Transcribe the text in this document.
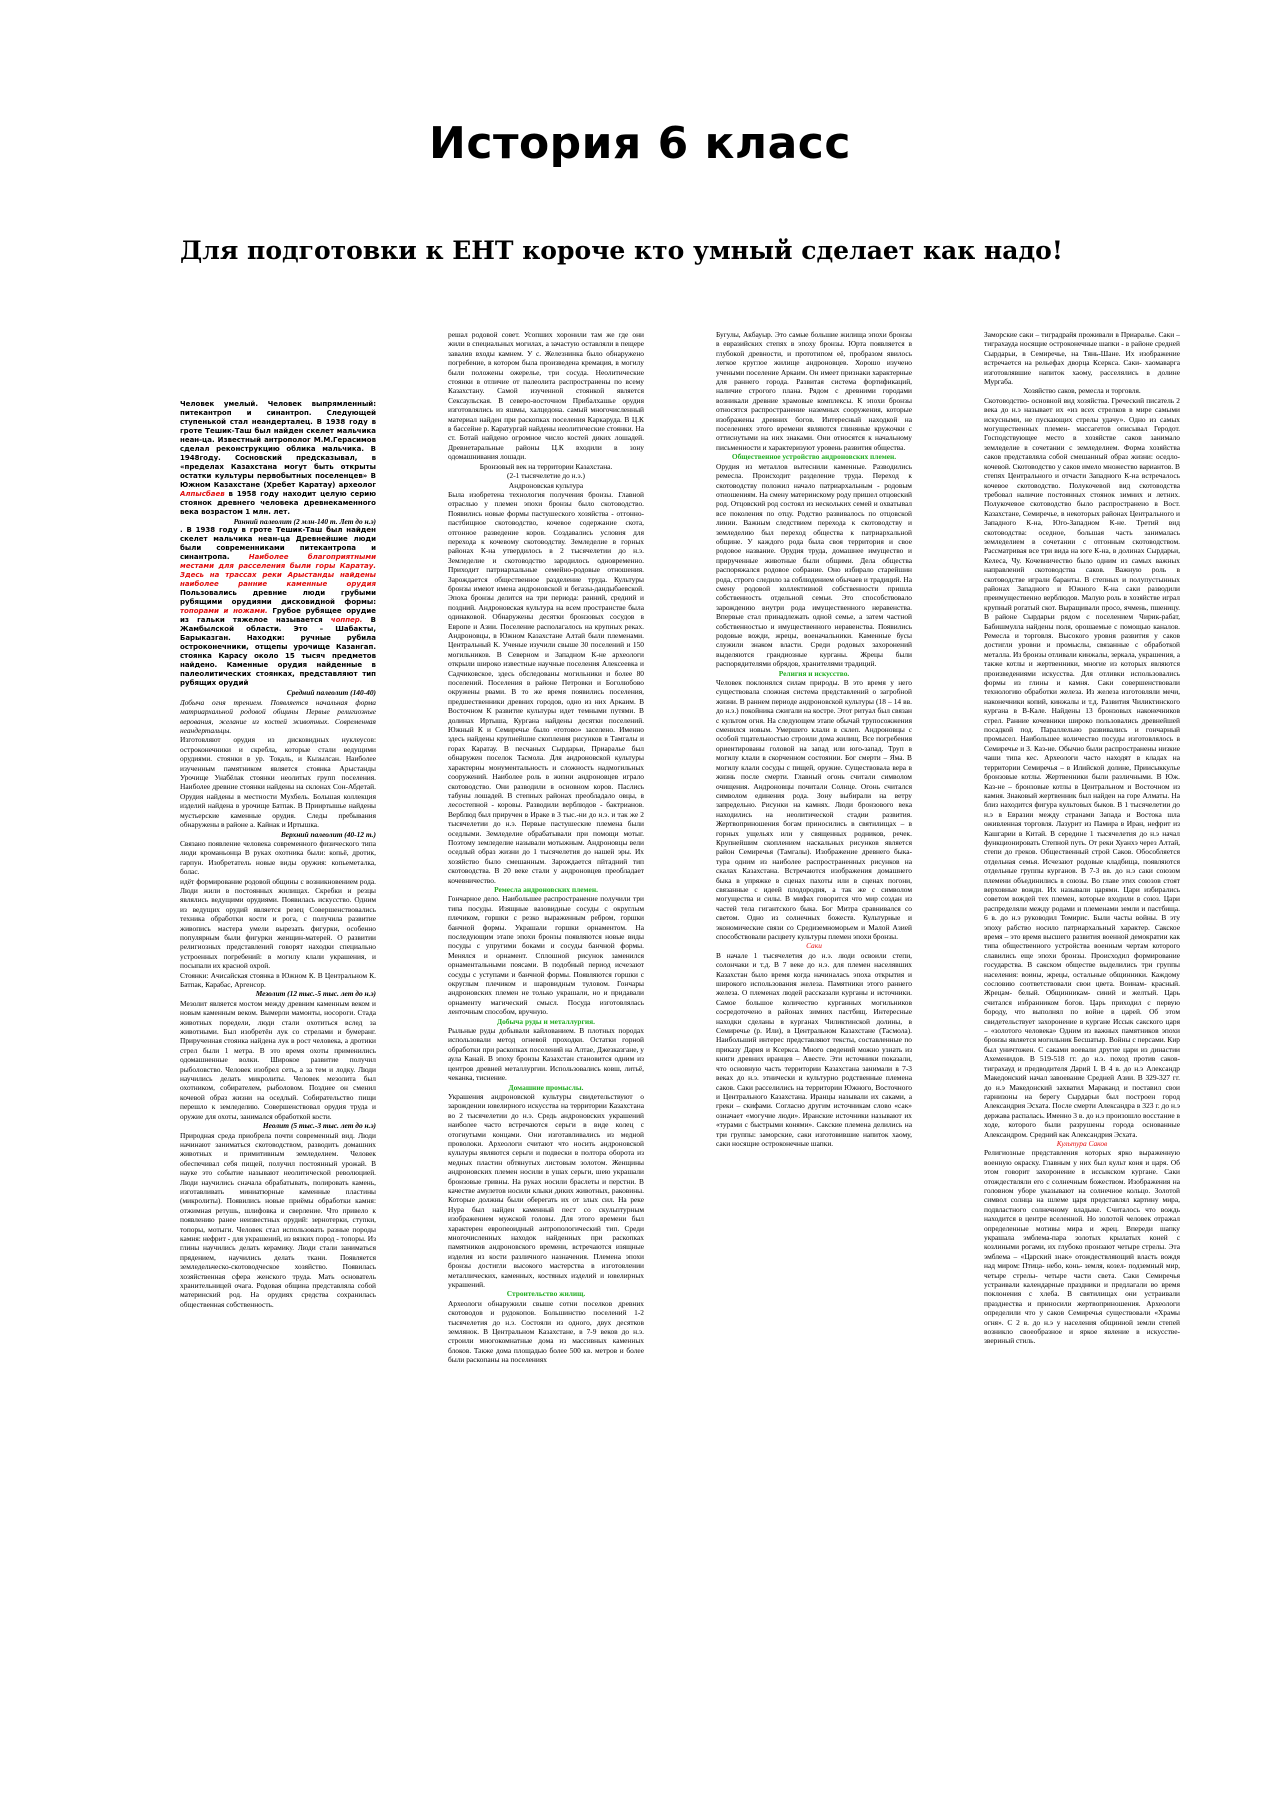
История 6 класс
Для подготовки к ЕНТ короче кто умный сделает как надо!

Человек умелый. Человек выпрямленный: питекантроп и синантроп. Следующей ступенькой стал неандерталец. В 1938 году в гроте Тешик-Таш был найден скелет мальчика неан-ца. Известный антрополог М.М.Герасимов сделал реконструкцию облика мальчика. В 1948году. Сосновский предсказывал, в «пределах Казахстана могут быть открыты остатки культуры первобытных поселенцев» В Южном Казахстане (Хребет Каратау) археолог Алпысбаев в 1958 году находит целую серию стоянок древнего человека древнекаменного века возрастом 1 млн. лет.

Ранний палеолит (2 млн-140 т. Лет до н.э)

. В 1938 году в гроте Тешик-Таш был найден скелет мальчика неан-ца Древнейшие люди были современниками питекантропа и синантропа.	Наиболее благоприятными местами для расселения были горы Каратау. Здесь на трассах реки Арыстанды найдены наиболее ранние каменные орудия Пользовались древние люди грубыми рубящими орудиями дисковидной формы: топорами и ножами. Грубое рубящее орудие из гальки тяжелое называется чоппер. В Жамбылской области. Это – Шабакты, Барыказган. Находки: ручные рубила остроконечники, отщепы урочище Казангап. стоянка Карасу около 15 тысяч предметов найдено. Каменные орудия найденные в палеолитических стоянках, представляют тип рубящих орудий

Средний палеолит (140-40)

Добыча огня трением. Появляется начальная форма матриархальной родовой общины Первые религиозные верования, желание из костей животных. Современная неандертальцы.

Изготовляют орудия из дисковидных нуклеусов: остроконечники и скребла, которые стали ведущими орудиями. стоянки в ур. Тоқаль, и Кызылсан. Наиболее изученным памятником является стоянка Арыстанды Урочище Унабёлак стоянки неолитых групп поселения. Наиболее древние стоянки найдены на склонах Сон-Абдетай. Орудия найдены в местности Мухбель. Большая коллекция изделий найдена в урочище Батпак. В Прииртышье найдены мустьерские каменные орудия. Следы пребывания обнаружены в районе а. Кайнак и Иртышка.

Верхний палеолит (40-12 т.)

Связано появление человека современного физического типа люди кроманьонца В руках охотника были: копьё, дротик, гарпун. Изобретатель новые виды оружия: копьеметалка, болас.

идёт формирование родовой общины с возникновением рода. Люди жили в постоянных жилищах. Скребки и резцы являлись ведущими орудиями. Появилась искусство. Одним из ведущих орудий является резец Совершенствовались техника обработки кости и рога, с получила развитие живопись мастера умели вырезать фигурки, особенно популярным были фигурки женщин-матерей. О развитии религиозных представлений говорят находки специально устроенных погребений: в могилу клали украшения, и посыпали их красной охрой.

Стоянки: Ачисайская стоянка в Южном К. В Центральном К. Батпак, Карабас, Аргенсор.

Мезолит (12 тыс.-5 тыс. лет до н.э)

Мезолит является мостом между древним каменным веком и новым каменным веком. Вымерли мамонты, носороги. Стада животных поредели, люди стали охотиться вслед за животными. Был изобретён лук со стрелами и бумеранг. Прирученная стоянка найдена лук в рост человека, а дротики стрел были 1 метра. В это время охоты применились одомашненные волки. Широкое развитие получил рыболовство. Человек изобрел сеть, а за тем и лодку. Люди научились делать микролиты. Человек мезолита был охотником, собирателем, рыболовом. Позднее он сменил кочевой образ жизни на оседлый. Собирательство пищи перешло к земледелию. Совершенствовал орудия труда и оружие для охоты, занимался обработкой кости.

Неолит (5 тыс.-3 тыс. лет до н.э)

Природная среда приобрела почти современный вид. Люди начинают заниматься скотоводством, разводить домашних животных и примитивным земледелием. Человек обеспечивал себя пищей, получил постоянный урожай. В науке это событие называют неолитической революцией. Люди научились сначала обрабатывать, полировать камень, изготавливать миниатюрные каменные пластины (микролиты). Появились новые приёмы обработки камня: отжимная ретушь, шлифовка и сверление. Что привело к появлению ранее неизвестных орудий: зернотерки, ступки, топоры, мотыги. Человек стал использовать разные породы камня: нефрит - для украшений, из вязких пород - топоры. Из глины научились делать керамику. Люди стали заниматься прядением, научились делать ткани. Появляется земледельческо-скотоводческое хозяйство. Появилась хозяйственная сфера женского труда. Мать основатель хранительницей очага. Родовая община представляла собой материнский род. На орудиях средства сохранилась общественная собственность.

решал родовой совет. Усопших хоронили там же где они жили в специальных могилах, а зачастую оставляли в пещере завалив входы камнем. У с. Железнинка было обнаружено погребение, в котором была произведена кремация, в могилу были положены ожерелье, три сосуда. Неолитические стоянки в отличие от палеолита распространены по всему Казахстану. Самой изученной стоянкой является Сексаульская. В северо-восточном Прибалхашье орудия изготовлялись из яшмы, халцедона. самый многочисленный материал найден при раскопках поселения Каркаруда. В Ц.К в бассейне р. Каратургай найдены неолитические стоянки. На ст. Ботай найдено огромное число костей диких лошадей. Древнетаральные районы Ц.К входили в зону одомашнивания лошади.

Бронзовый век на территории Казахстана.

(2-1 тысячелетие до н.э.)

Андроновская культура

Была изобретена технология получения бронзы. Главной отраслью у племен эпохи бронзы было скотоводство. Появились новые формы пастушеского хозяйства - отгонно-пастбищное скотоводство, кочевое содержание скота, отгонное разведение коров. Создавались условия для перехода к кочевому скотоводству. Земледелие в горных районах К-на утвердилось в 2 тысячелетии до н.э. Земледелие и скотоводство зародилось одновременно. Приходит патриархальные семейно-родовые отношения. Зарождается общественное разделение труда. Культуры бронзы имеют имена андроновской и бегазы-дандыбаевской. Эпоха бронзы делится на три периода: ранний, средний и поздний. Андроновская культура на всем пространстве была одинаковой. Обнаружены десятки бронзовых сосудов в Европе и Азии. Поселение располагалось на крупных реках. Андроновцы, в Южном Казахстане Алтай были племенами. Центральный К. Ученые изучили свыше 30 поселений и 150 могильников. В Северном и Западном К-не археологи открыли широко известные научные поселения Алексеевка и Садчиковское, здесь обследованы могильники и более 80 поселений. Поселения в районе Петровки и Боголюбово окружены рвами. В то же время появились поселения, предшественники древних городов, одно из них Аркаим. В Восточном К развитие культуры идет темными путями. В долинах Иртыша, Кургана найдены десятки поселений. Южный К и Семиречье было «готово» заселено. Именно здесь найдены крупнейшие скопления рисунков в Тамгалы и горах Каратау. В песчаных Сырдарьи, Приаралье был обнаружен поселок Тасмола. Для андроновской культуры характерны монументальность и сложность надмогильных сооружений. Наиболее роль в жизни андроновцев играло скотоводство. Они разводили в основном коров. Паслись табуны лошадей. В степных районах преобладало овцы, в лесостепной - коровы. Разводили верблюдов - бактрианов. Верблюд был приручен в Ираке в 3 тыс.-ни до н.э. и так же 2 тысячелетии до н.э. Первые пастушеские племена были оседлыми. Земледелие обрабатывали при помощи мотыг. Поэтому земледелие называли мотыжным. Андроновцы вели оседлый образ жизни до 1 тысячелетия до нашей эры. Их хозяйство было смешанным. Зарождается пйтадний тип скотоводства. В 20 веке стали у андроновцев преобладает кочевничество.

Ремесла андроновских племен.

Гончарное дело. Наибольшее распространение получили три типа посуды. Изящные вазовидные сосуды с округлым плечиком, горшки с резко выраженным ребром, горшки банчной формы. Украшали горшки орнаментом. На последующим этапе эпохи бронзы появляются новые виды посуды с упругими боками и сосуды банчной формы. Менялся и орнамент. Сплошной рисунок заменился орнаментальными поясами. В подобный период исчезают сосуды с уступами и банчной формы. Появляются горшки с округлым плечиком и шаровидным туловом. Гончары андроновских племен не только украшали, но и придавали орнаменту магический смысл. Посуда изготовлялась ленточным способом, вручную.

Добыча руды и металлургия.

Рыльные руды добывали кайлованием. В плотных породах использовали метод огневой проходки. Остатки горной обработки при раскопках поселений на Алтае, Джезказгане, у аула Канай. В эпоху бронзы Казахстан становится одним из центров древней металлургии. Использовались ковш, литьё, чеканка, тиснение.

Домашние промыслы.

Украшения андроновской культуры свидетельствуют о зарождении ювелирного искусства на территории Казахстана во 2 тысячелетии до н.э. Средь андроновских украшений наиболее часто встречаются серьги в виде колец с отогнутыми концами. Они изготавливались из медной проволоки. Археологи считают что носить андроновской культуры являются серьги и подвески в полтора оборота из медных пластин обтянутых листовым золотом. Женщины андроновских племен носили в ушах серьги, шею украшали бронзовые гривны. На руках носили браслеты и перстни. В качестве амулетов носили клыки диких животных, раковины. Которые должны были оберегать их от злых сил. На реке Нура был найден каменный пест со скульптурным изображением мужской головы. Для этого времени был характерен европеоидный антропологический тип. Среди многочисленных находок найденных при раскопках памятников андроновского времени, встречаются изящные изделия из кости различного назначения. Племена эпохи бронзы достигли высокого мастерства в изготовлении металлических, каменных, костяных изделий и ювелирных украшений.

Строительство жилищ.

Археологи обнаружили свыше сотни поселков древних скотоводов и рудокопов. Большинство поселений 1-2 тысячелетия до н.э. Состояли из одного, двух десятков землянок. В Центральном Казахстане, в 7-9 веков до н.э. строили многокомнатные дома из массивных каменных блоков. Также дома площадью более 500 кв. метров и более были раскопаны на поселениях

Бугулы, Акбауыр. Это самые большие жилища эпохи бронзы в евразийских степях в эпоху бронзы. Юрта появляется в глубокой древности, и прототипом её, пробразом явилось легкое круглое жилище андроновцев. Хорошо изучено учеными поселение Аркаим. Он имеет признаки характерные для раннего города. Развитая система фортификаций, наличие строгого плана. Рядом с древними городами возникали древние храмовые комплексы. К эпохи бронзы относятся распространение наземных сооружения, которые изображены древних богов. Интересный находкой на поселениях этого времени являются глиняные кружочки с оттиснутыми на них знаками. Они относятся к начальному письменности и характеризуют уровень развития общества.

Общественное устройство андроновских племен.

Орудия из металлов вытеснили каменные. Разводились ремесла. Происходит разделение труда. Переход к скотоводству положил начало патриархальным - родовым отношениям. На смену материнскому роду пришел отцовский род. Отцовский род состоял из нескольких семей и охватывал все поколения по отцу. Родство развивалось по отцовской линии. Важным следствием перехода к скотоводству и земледелию был переход общества к патриархальной общине. У каждого рода была своя территория и свое родовое название. Орудия труда, домашнее имущество и прирученные животные были общими. Дела общества распоряжался родовое собрание. Оно избирало старейшин рода, строго следило за соблюдением обычаев и традиций. На смену родовой коллективной собственности пришла собственность отдельной семьи. Это способствовало зарождению внутри рода имущественного неравенства. Впервые стал принадлежать одной семье, а затем частной собственностью и имущественного неравенства. Появились родовые вожди, жрецы, военачальники. Каменные бусы служили знаком власти. Среди родовых захоронений выделяются грандиозные курганы. Жрецы были распорядителями обрядов, хранителями традиций.

Религия и искусство.

Человек поклонялся силам природы. В это время у него существовала сложная система представлений о загробной жизни. В раннем периоде андроновской культуры (18 – 14 вв. до н.э.) покойника сжигали на костре. Этот ритуал был связан с культом огня. На следующем этапе обычай трупосожжения сменился новым. Умершего клали в склеп. Андроновцы с особой тщательностью строили дома жилищ. Все погребения ориентированы головой на запад или юго-запад. Труп в могилу клали в скорченном состоянии. Бог смерти – Яма. В могилу клали сосуды с пищей, оружие. Существовала вера в жизнь после смерти. Главный огонь считали символом очищения. Андроновцы почитали Солнце. Огонь считался символом единения рода. Зону выбирали на ветру запредельно. Рисунки на камнях. Люди бронзового века находились на неолитической стадии развития. Жертвоприношения богам приносились в святилищах – в горных ущельях или у священных родников, речек. Крупнейшим скоплением наскальных рисунков является район Семиречья (Тамгалы). Изображение древнего быка-тура одним из наиболее распространенных рисунков на скалах Казахстана. Встречаются изображения домашнего быка в упряжке в сценах пахоты или в сценах погони, связанные с идеей плодородия, а так же с символом могущества и силы. В мифах говорится что мир создан из частей тела гигантского быка. Бог Митра сравнивался со светом. Одно из солнечных божеств. Культурные и экономические связи со Средиземноморьем и Малой Азией способствовали расцвету культуры племен эпохи бронзы.

Саки

В начале 1 тысячелетия до н.э. люди освоили степи, солончаки и т.д. В 7 веке до н.э. для племен населявших Казахстан было время когда начиналась эпоха открытия и широкого использования железа. Памятники этого раннего железа. О племенах людей рассказали курганы и источники. Самое большое количество курганных могильников сосредоточено в районах зимних пастбищ. Интересные находки сделаны в курганах Чиликтинской долины, в Семиречье (р. Или), в Центральном Казахстане (Тасмола). Наибольший интерес представляют тексты, составленные по приказу Дария и Ксеркса. Много сведений можно узнать из книги древних иранцев – Авесте. Эти источники показали, что основную часть территории Казахстана занимали в 7-3 веках до н.э. этнически и культурно родственные племена саков. Саки расселились на территории Южного, Восточного и Центрального Казахстана. Иранцы называли их саками, а греки – скифами. Согласно другим источникам слово «сак» означает «могучие люди». Иранские источники называют их «турами с быстрыми конями». Сакские племена делились на три группы: заморские, саки изготовившие напиток хаому, саки носящие остроконечные шапки.

Заморские саки – тиградрайя проживали в Приаралье. Саки – тиграхауда носящие остроконечные шапки - в районе средней Сырдарьи, в Семиречье, на Тянь-Шане. Их изображение встречается на рельефах дворца Ксеркса. Саки- хаомаварга изготовлявшие напиток хаому, расселялись в долине Мургаба.

Хозяйство саков, ремесла и торговля.

Скотоводство- основной вид хозяйства. Греческий писатель 2 века до н.э называет их «из всех стрелков в мире самыми искусными, не пускающих стрелы удачу». Одно из самых могущественных племен- массагетов описывал Геродот. Господствующее место в хозяйстве саков занимало земледелие в сочетании с земледелием. Форма хозяйства саков представляла собой смешанный образ жизни: оседло-кочевой. Скотоводство у саков имело множество вариантов. В степях Центрального и отчасти Западного К-на встречалось кочевое скотоводство. Полукочевой вид скотоводства требовал наличие постоянных стоянок зимних и летних. Полукочевое скотоводство было распространено в Вост. Казахстане, Семиречье, в некоторых районах Центрального и Западного К-на, Юго-Западном К-не. Третий вид скотоводства: оседное, большая часть занималась земледелием в сочетании с отгонным скотоводством. Рассматривая все три вида на юге К-на, в долинах Сырдарьи, Келеса, Чу. Кочевничество было одним из самых важных направлений скотоводства саков. Важную роль в скотоводстве играли баранты. В степных и полупустынных районах Западного и Южного К-на саки разводили преимущественно верблюдов. Малую роль в хозяйстве играл крупный рогатый скот. Выращивали просо, ячмень, пшеницу. В районе Сырдарьи рядом с поселением Чирик-рабат, Бабишмулла найдены поля, орошаемые с помощью каналов. Ремесла и торговля. Высокого уровня развития у саков достигли уровни и промыслы, связанные с обработкой металла. Из бронзы отливали кинжалы, зеркала, украшения, а также котлы и жертвенники, многие из которых являются произведениями искусства. Для отливки использовались формы из глины и камня. Саки совершенствовали технологию обработки железа. Из железа изготовляли мечи, наконечники копий, кинжалы и т.д. Развития Чиликтинского кургана в В-Кале. Найдены 13 бронзовых наконечников стрел. Ранние кочевники широко пользовались древнейшей посадкой под. Параллельно развивались и гончарный промысел. Наибольшее количество посуды изготовлялось в Семиречье и З. Каз-не. Обычно были распространены низкие чаши типа кес. Археологи часто находят в кладах на территории Семиречья – в Илийской долине, Приисыккулье бронзовые котлы. Жертвенники были различными. В Юж. Каз-не – бронзовые котлы в Центральном и Восточном из камня. Знаковый жертвенник был найден на горе Алматы. На близ находится фигура культовых быков. В 1 тысячелетии до н.э в Евразии между странами Запада и Востока шла оживленная торговля. Лазурит из Памира в Иран, нефрит из Кашгарии в Китай. В середине 1 тысячелетия до н.э начал функционировать Степной путь. От реки Хуанхэ через Алтай, степи до греков. Общественный строй Саков. Обособляется отдельная семья. Исчезают родовые кладбища, появляются отдельные группы курганов. В 7-3 вв. до н.э саки союзом племени объединились в союзы. Во главе этих союзов стоят верховные вожди. Их называли царями. Цари избирались советом вождей тех племен, которые входили в союз. Цари распределяли между родами и племенами земли и пастбища. 6 в. до н.э руководил Томирис. Были часты войны. В эту эпоху рабство носило патриархальный характер. Сакское время – это время высшего развития военной демократии как типа общественного устройства военным чертам которого славились еще эпохи бронзы. Происходил формирование государства. В сакском обществе выделились три группы населения: воины, жрецы, остальные общинники. Каждому сословию соответствовали свои цвета. Воинам- красный. Жрецам- белый. Общинникам- синий и желтый. Царь считался избранником богов. Царь приходил с первую бороду, что выполнял по войне в царей. Об этом свидетельствует захоронение в кургане Иссык сакского царя – «золотого человека» Одним из важных памятников эпохи бронзы является могильник Бесшатыр. Войны с персами. Кир был уничтожен. С саками воевали другие цари из династии Ахеменидов. В 519-518 гг. до н.э. поход против саков-тиграхауд и предводителя Дарий I. В 4 в. до н.э Александр Македонский начал завоевание Средней Азии. В 329-327 гг. до н.э Македонский захватил Мараканд и поставил свои гарнизоны на берегу Сырдарьи был построен город Александрия Эсхата. После смерти Александра в 323 г. до н.э держава распалась. Именно 3 в. до н.э произошло восстание в ходе, которого были разрушены города основанные Александром. Средний как Александрия Эсхата.

Культура Саков

Религиозные представления которых ярко выраженную военную окраску. Главным у них был культ коня и царя. Об этом говорит захоронение в иссыкском кургане. Саки отождествляли его с солнечным божеством. Изображения на головном уборе указывают на солнечное кольцо. Золотой символ солнца на шлеме царя представлял картину мира, подвластного солнечному владыке. Считалось что вождь находится в центре вселенной. Но золотой человек отражал определенные мотивы мира и жрец. Впереди шапку украшала эмблема-пара золотых крылатых коней с козлиными рогами, их глубоко пронзают четыре стрелы. Эта эмблема – «Царский знак» отождествляющий власть вождя над миром: Птица- небо, конь- земля, козел- подземный мир, четыре стрелы- четыре части света. Саки Семиречья устраивали календарные праздники и предлагали во время поклонения с хлеба. В святилищах они устраивали празднества и приносили жертвоприношения. Археологи определили что у саков Семиречья существовали «Храмы огня». С 2 в. до н.э у населения общинной земли степей возникло своеобразное и яркое явление в искусстве- звериный стиль.
